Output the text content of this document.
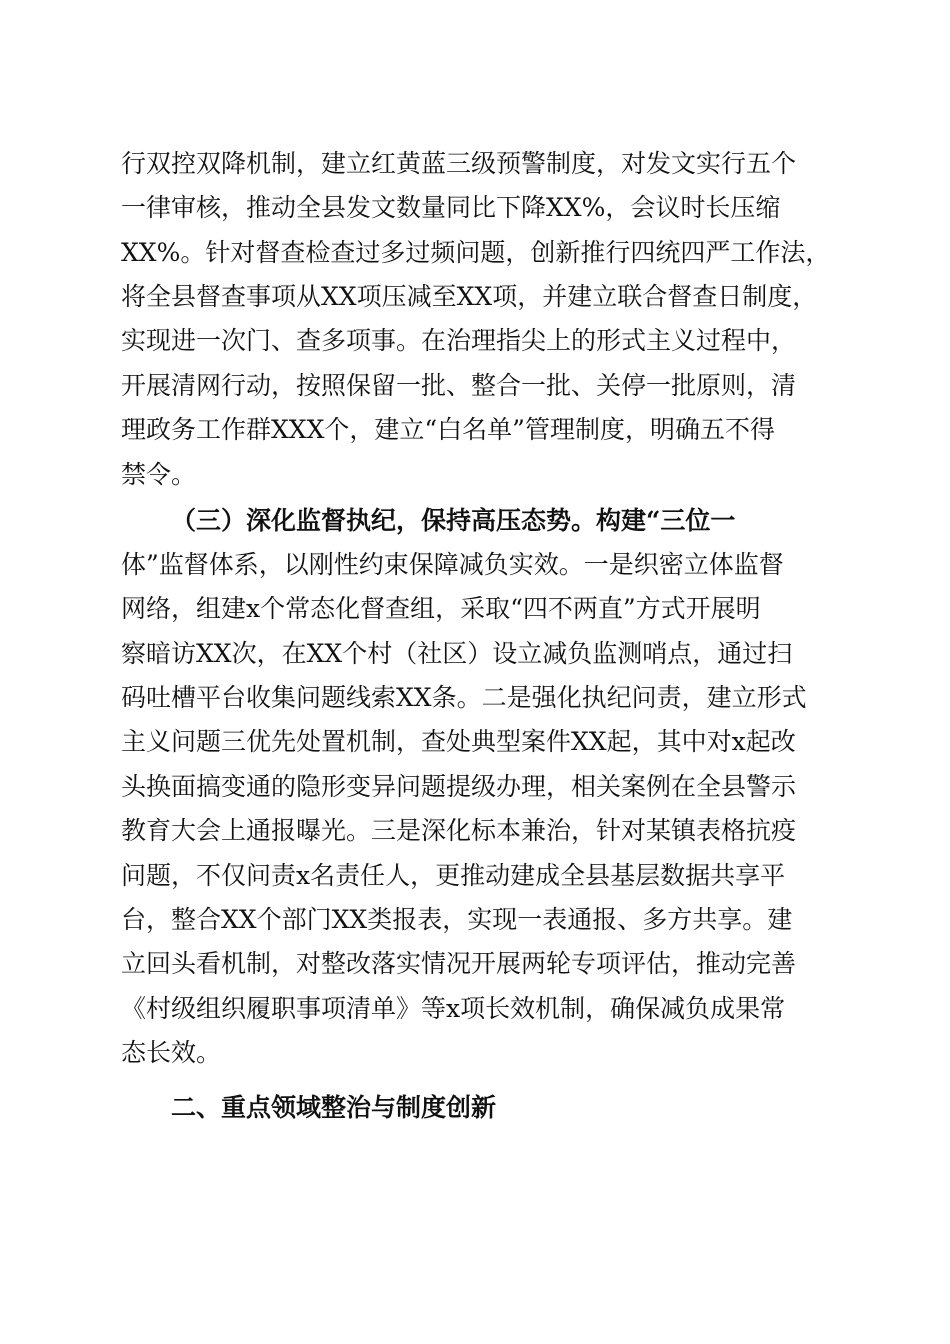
行双控双降机制，建立红黄蓝三级预警制度，对发文实行五个
一律审核，推动全县发文数量同比下降XX%，会议时长压缩
XX%。针对督查检查过多过频问题，创新推行四统四严工作法，
将全县督查事项从XX项压减至XX项，并建立联合督查日制度，
实现进一次门、查多项事。在治理指尖上的形式主义过程中，
开展清网行动，按照保留一批、整合一批、关停一批原则，清
理政务工作群XXX个，建立“白名单”管理制度，明确五不得
禁令。
（三）深化监督执纪，保持高压态势。构建“三位一
体”监督体系，以刚性约束保障减负实效。一是织密立体监督
网络，组建x个常态化督查组，采取“四不两直”方式开展明
察暗访XX次，在XX个村（社区）设立减负监测哨点，通过扫
码吐槽平台收集问题线索XX条。二是强化执纪问责，建立形式
主义问题三优先处置机制，查处典型案件XX起，其中对x起改
头换面搞变通的隐形变异问题提级办理，相关案例在全县警示
教育大会上通报曝光。三是深化标本兼治，针对某镇表格抗疫
问题，不仅问责x名责任人，更推动建成全县基层数据共享平
台，整合XX个部门XX类报表，实现一表通报、多方共享。建
立回头看机制，对整改落实情况开展两轮专项评估，推动完善
《村级组织履职事项清单》等x项长效机制，确保减负成果常
态长效。
二、重点领域整治与制度创新
